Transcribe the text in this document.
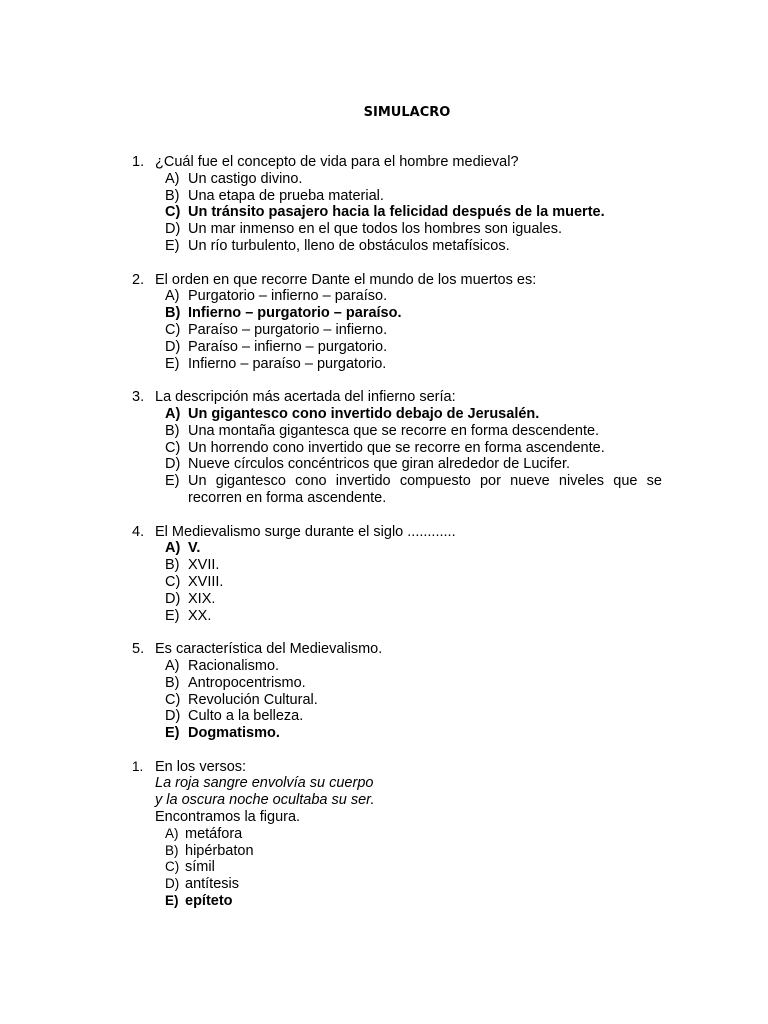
SIMULACRO
1. ¿Cuál fue el concepto de vida para el hombre medieval?
A) Un castigo divino.
B) Una etapa de prueba material.
C) Un tránsito pasajero hacia la felicidad después de la muerte.
D) Un mar inmenso en el que todos los hombres son iguales.
E) Un río turbulento, lleno de obstáculos metafísicos.
2. El orden en que recorre Dante el mundo de los muertos es:
A) Purgatorio – infierno – paraíso.
B) Infierno – purgatorio – paraíso.
C) Paraíso – purgatorio – infierno.
D) Paraíso – infierno – purgatorio.
E) Infierno – paraíso – purgatorio.
3. La descripción más acertada del infierno sería:
A) Un gigantesco cono invertido debajo de Jerusalén.
B) Una montaña gigantesca que se recorre en forma descendente.
C) Un horrendo cono invertido que se recorre en forma ascendente.
D) Nueve círculos concéntricos que giran alrededor de Lucifer.
E) Un gigantesco cono invertido compuesto por nueve niveles que se recorren en forma ascendente.
4. El Medievalismo surge durante el siglo ............
A) V.
B) XVII.
C) XVIII.
D) XIX.
E) XX.
5. Es característica del Medievalismo.
A) Racionalismo.
B) Antropocentrismo.
C) Revolución Cultural.
D) Culto a la belleza.
E) Dogmatismo.
1. En los versos:
La roja sangre envolvía su cuerpo
y la oscura noche ocultaba su ser.
Encontramos la figura.
A) metáfora
B) hipérbaton
C) símil
D) antítesis
E) epíteto
